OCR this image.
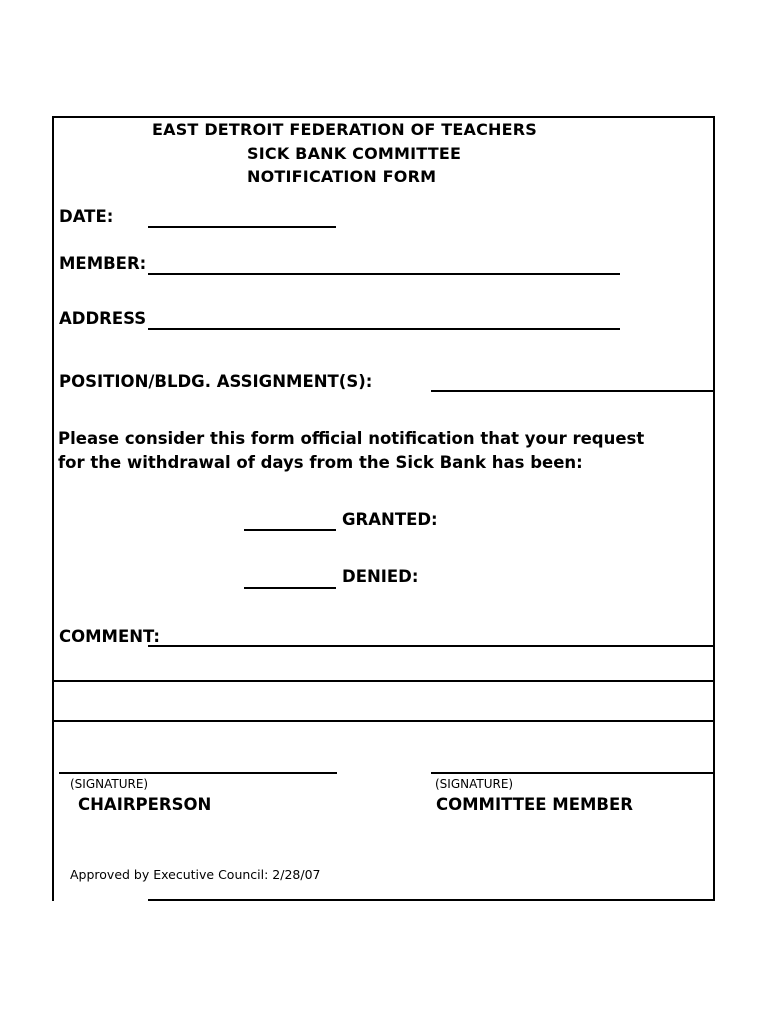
EAST DETROIT FEDERATION OF TEACHERS
SICK BANK COMMITTEE
NOTIFICATION FORM
DATE:
MEMBER:
ADDRESS
POSITION/BLDG. ASSIGNMENT(S):
Please consider this form official notification that your request
for the withdrawal of days from the Sick Bank has been:
GRANTED:
DENIED:
COMMENT:
(SIGNATURE)
CHAIRPERSON
(SIGNATURE)
COMMITTEE MEMBER
Approved by Executive Council: 2/28/07
